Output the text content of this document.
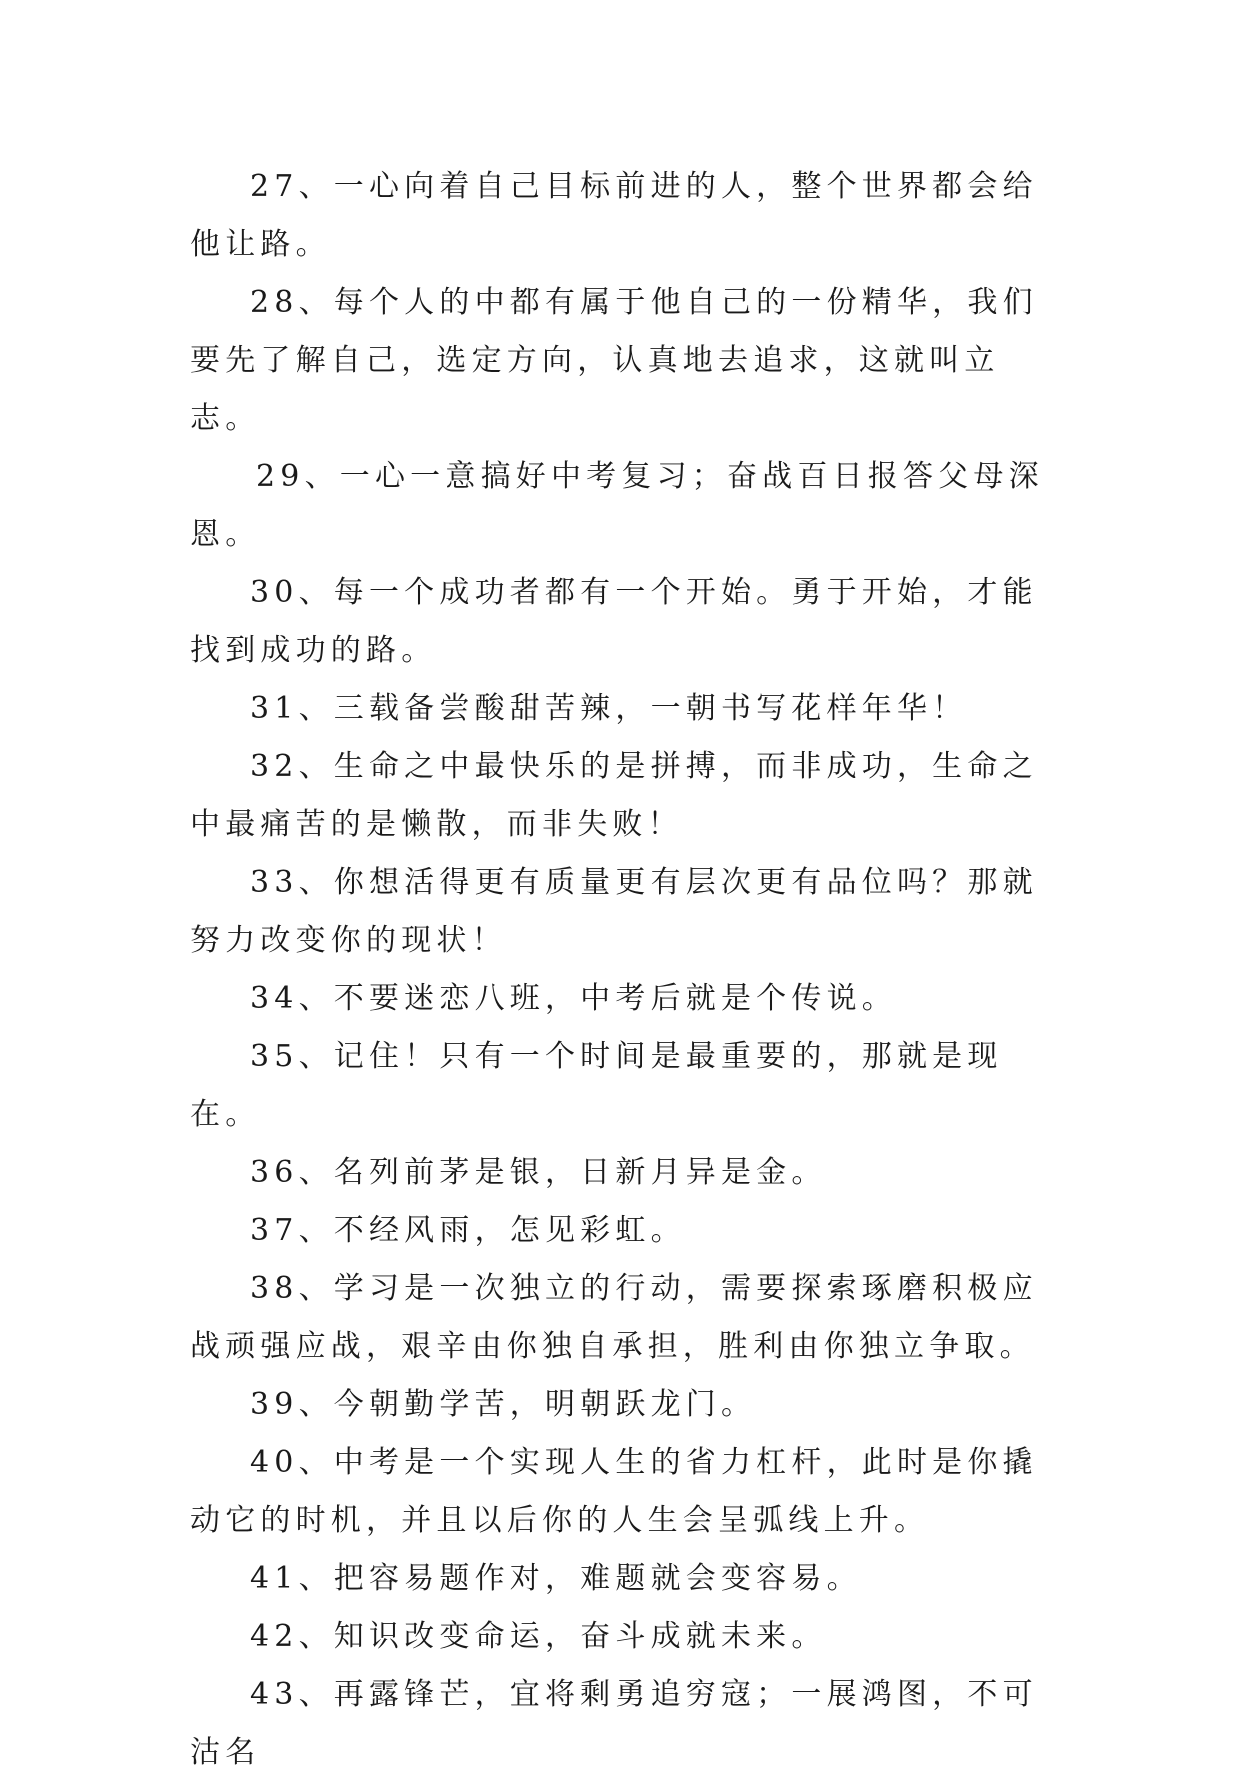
27、一心向着自己目标前进的人，整个世界都会给他让路。

28、每个人的中都有属于他自己的一份精华，我们要先了解自己，选定方向，认真地去追求，这就叫立志。

29、一心一意搞好中考复习；奋战百日报答父母深恩。

30、每一个成功者都有一个开始。勇于开始，才能找到成功的路。

31、三载备尝酸甜苦辣，一朝书写花样年华！

32、生命之中最快乐的是拼搏，而非成功，生命之中最痛苦的是懒散，而非失败！

33、你想活得更有质量更有层次更有品位吗？那就努力改变你的现状！

34、不要迷恋八班，中考后就是个传说。

35、记住！只有一个时间是最重要的，那就是现在。

36、名列前茅是银，日新月异是金。

37、不经风雨，怎见彩虹。

38、学习是一次独立的行动，需要探索琢磨积极应战顽强应战，艰辛由你独自承担，胜利由你独立争取。

39、今朝勤学苦，明朝跃龙门。

40、中考是一个实现人生的省力杠杆，此时是你撬动它的时机，并且以后你的人生会呈弧线上升。

41、把容易题作对，难题就会变容易。

42、知识改变命运，奋斗成就未来。

43、再露锋芒，宜将剩勇追穷寇；一展鸿图，不可沽名
